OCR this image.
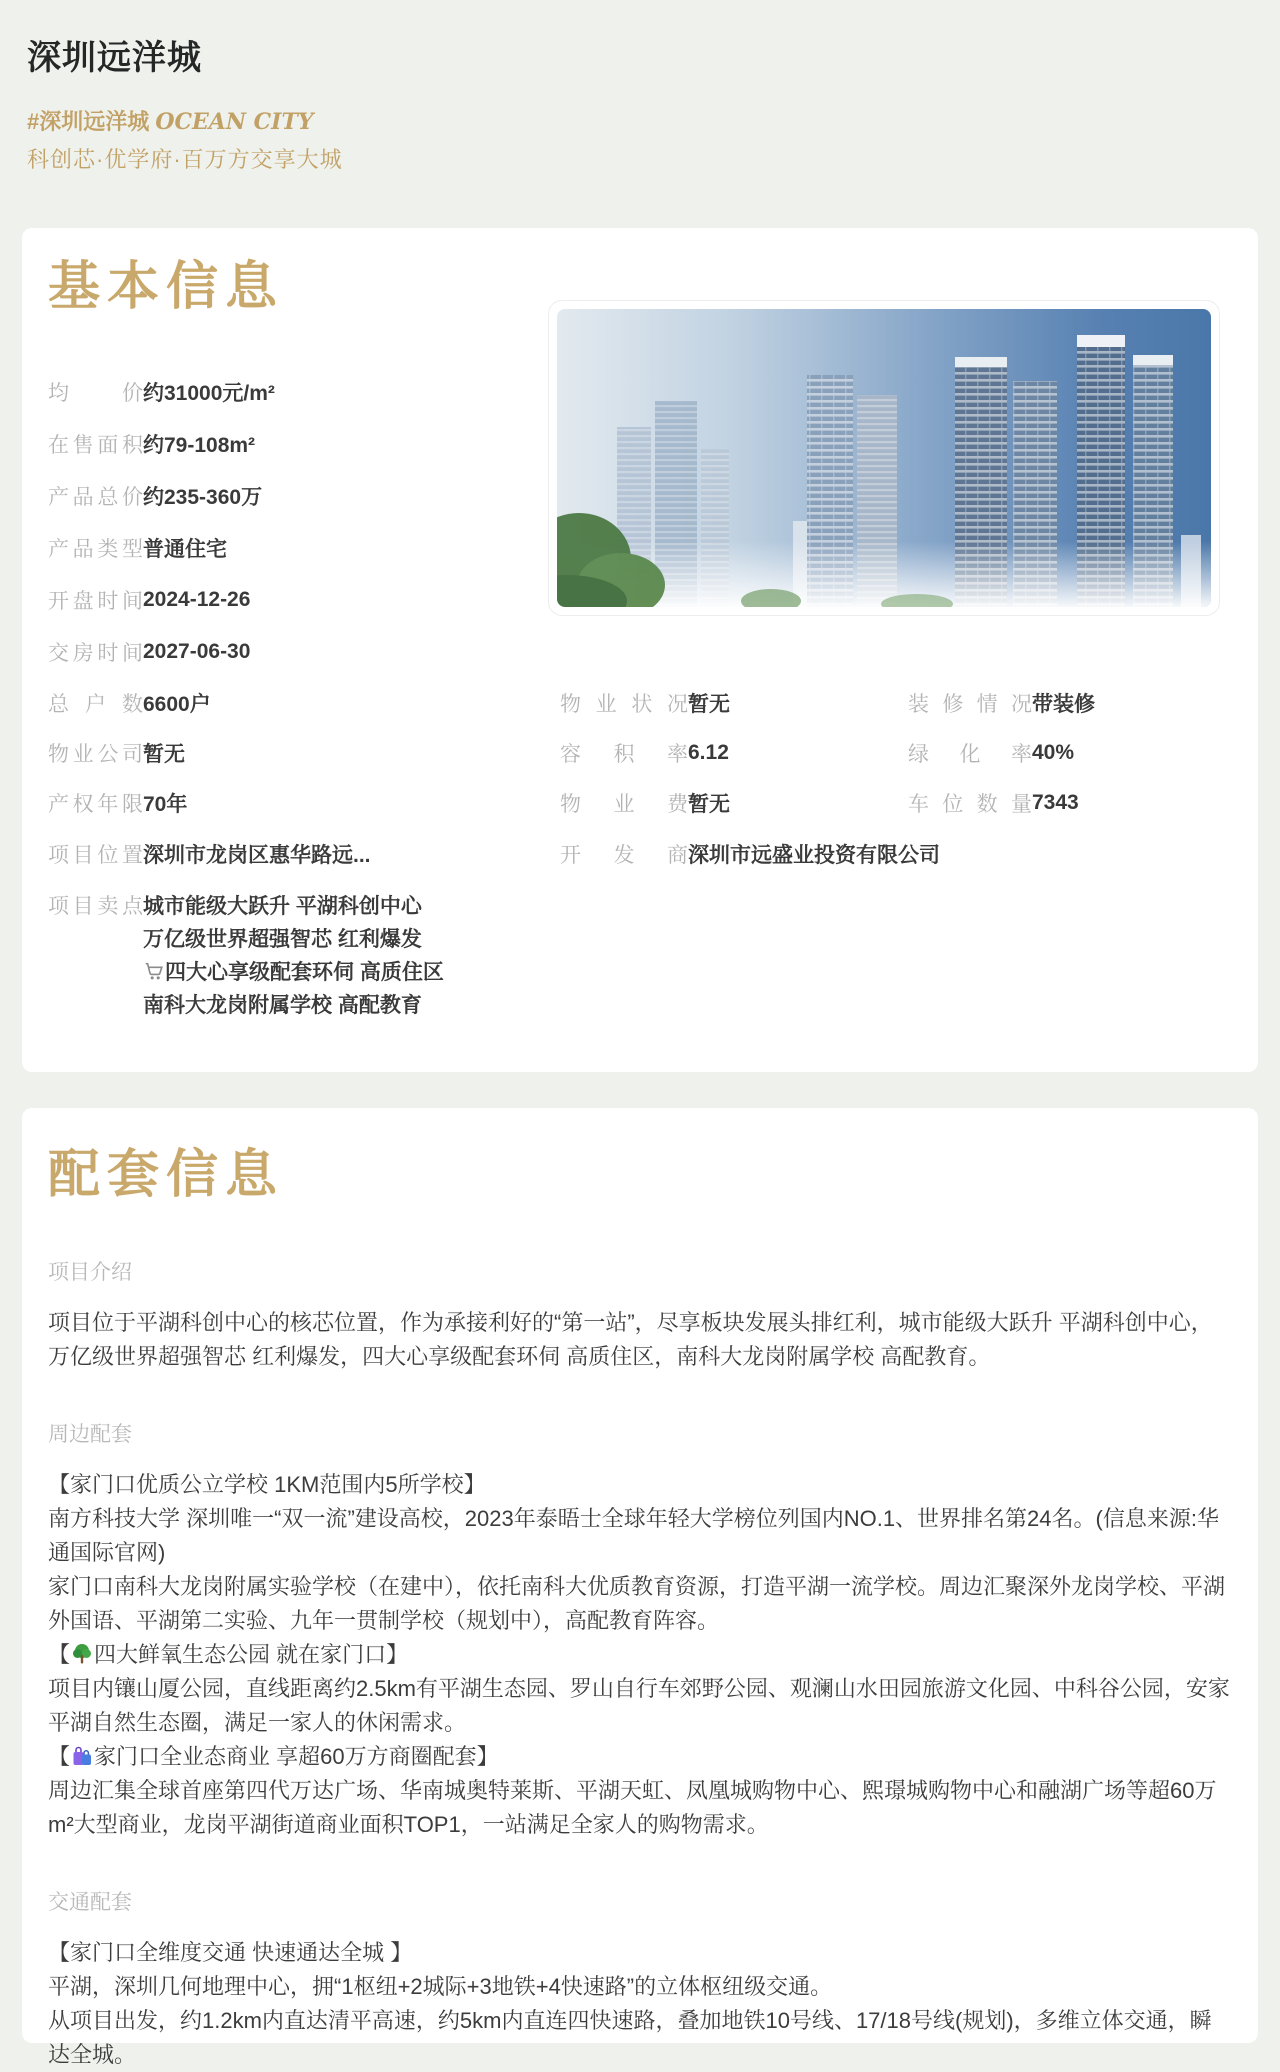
深圳远洋城
#深圳远洋城 OCEAN CITY
科创芯·优学府·百万方交享大城
基本信息
均价 约31000元/m²
在售面积 约79-108m²
产品总价 约235-360万
产品类型 普通住宅
开盘时间 2024-12-26
交房时间 2027-06-30
总户数 6600户	物业状况 暂无	装修情况 带装修
物业公司 暂无	容积率 6.12	绿化率 40%
产权年限 70年	物业费 暂无	车位数量 7343
项目位置 深圳市龙岗区惠华路远...	开发商 深圳市远盛业投资有限公司
项目卖点 城市能级大跃升 平湖科创中心
万亿级世界超强智芯 红利爆发
四大心享级配套环伺 高质住区
南科大龙岗附属学校 高配教育
配套信息
项目介绍

项目位于平湖科创中心的核芯位置，作为承接利好的“第一站”，尽享板块发展头排红利，城市能级大跃升 平湖科创中心，万亿级世界超强智芯 红利爆发，四大心享级配套环伺 高质住区，南科大龙岗附属学校 高配教育。

周边配套

【家门口优质公立学校 1KM范围内5所学校】

南方科技大学 深圳唯一“双一流”建设高校，2023年泰晤士全球年轻大学榜位列国内NO.1、世界排名第24名。(信息来源:华通国际官网)

家门口南科大龙岗附属实验学校（在建中），依托南科大优质教育资源，打造平湖一流学校。周边汇聚深外龙岗学校、平湖外国语、平湖第二实验、九年一贯制学校（规划中），高配教育阵容。

【 四大鲜氧生态公园 就在家门口】

项目内镶山厦公园，直线距离约2.5km有平湖生态园、罗山自行车郊野公园、观澜山水田园旅游文化园、中科谷公园，安家平湖自然生态圈，满足一家人的休闲需求。

【 家门口全业态商业 享超60万方商圈配套】

周边汇集全球首座第四代万达广场、华南城奥特莱斯、平湖天虹、凤凰城购物中心、熙璟城购物中心和融湖广场等超60万m²大型商业，龙岗平湖街道商业面积TOP1，一站满足全家人的购物需求。

交通配套

【家门口全维度交通 快速通达全城 】

平湖，深圳几何地理中心，拥“1枢纽+2城际+3地铁+4快速路”的立体枢纽级交通。

从项目出发，约1.2km内直达清平高速，约5km内直连四快速路，叠加地铁10号线、17/18号线(规划)，多维立体交通，瞬达全城。
